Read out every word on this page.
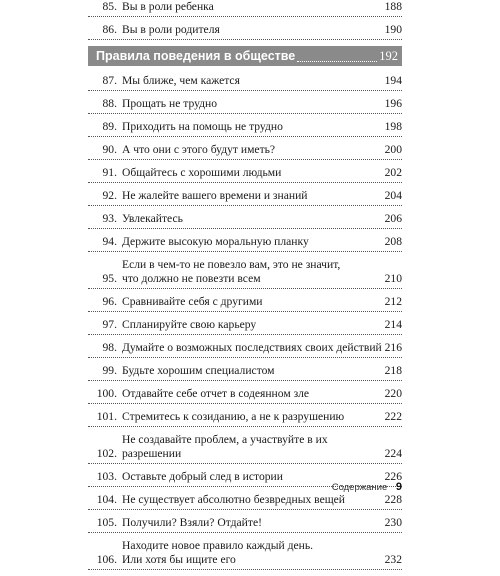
85. Вы в роли ребенка	188
86. Вы в роли родителя	190
Правила поведения в обществе	192
87. Мы ближе, чем кажется	194
88. Прощать не трудно	196
89. Приходить на помощь не трудно	198
90. А что они с этого будут иметь?	200
91. Общайтесь с хорошими людьми	202
92. Не жалейте вашего времени и знаний	204
93. Увлекайтесь	206
94. Держите высокую моральную планку	208
95.
Если в чем-то не повезло вам, это не значит,
что должно не повезти всем	210
96. Сравнивайте себя с другими	212
97. Спланируйте свою карьеру	214
98. Думайте о возможных последствиях своих действий 216
99. Будьте хорошим специалистом	218
100. Отдавайте себе отчет в содеянном зле	220
101. Стремитесь к созиданию, а не к разрушению	222
102.
Не создавайте проблем, а участвуйте в их разрешении	224
103. Оставьте добрый след в истории	226
104. Не существует абсолютно безвредных вещей	228
105. Получили? Взяли? Отдайте!	230
106.
Находите новое правило каждый день.
Или хотя бы ищите его	232
Содержание 9
